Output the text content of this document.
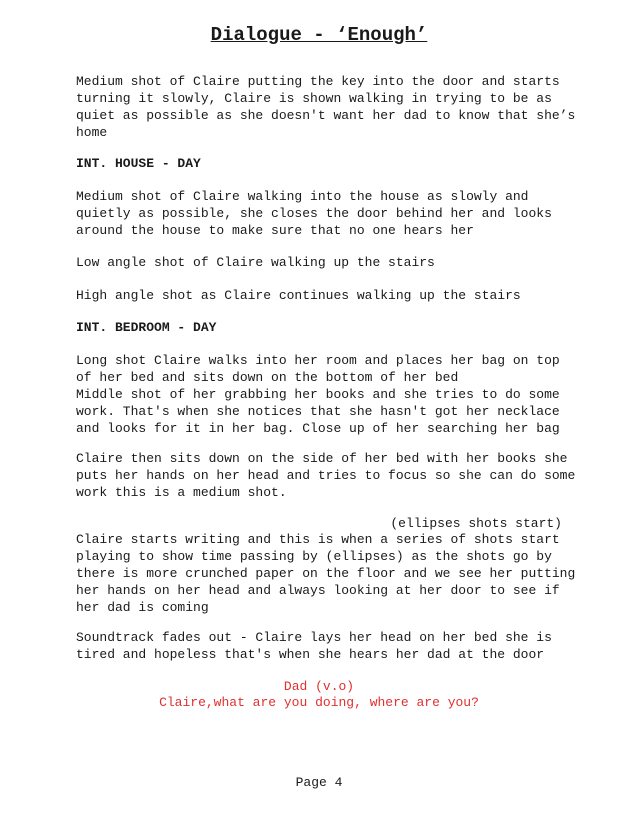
Dialogue - ‘Enough’
Medium shot of Claire putting the key into the door and starts
turning it slowly, Claire is shown walking in trying to be as
quiet as possible as she doesn't want her dad to know that she’s
home
INT. HOUSE - DAY
Medium shot of Claire walking into the house as slowly and
quietly as possible, she closes the door behind her and looks
around the house to make sure that no one hears her
Low angle shot of Claire walking up the stairs
High angle shot as Claire continues walking up the stairs
INT. BEDROOM - DAY
Long shot Claire walks into her room and places her bag on top
of her bed and sits down on the bottom of her bed
Middle shot of her grabbing her books and she tries to do some
work. That's when she notices that she hasn't got her necklace
and looks for it in her bag. Close up of her searching her bag
Claire then sits down on the side of her bed with her books she
puts her hands on her head and tries to focus so she can do some
work this is a medium shot.
(ellipses shots start)
Claire starts writing and this is when a series of shots start
playing to show time passing by (ellipses) as the shots go by
there is more crunched paper on the floor and we see her putting
her hands on her head and always looking at her door to see if
her dad is coming
Soundtrack fades out - Claire lays her head on her bed she is
tired and hopeless that's when she hears her dad at the door
Dad (v.o)
Claire,what are you doing, where are you?
Page 4
